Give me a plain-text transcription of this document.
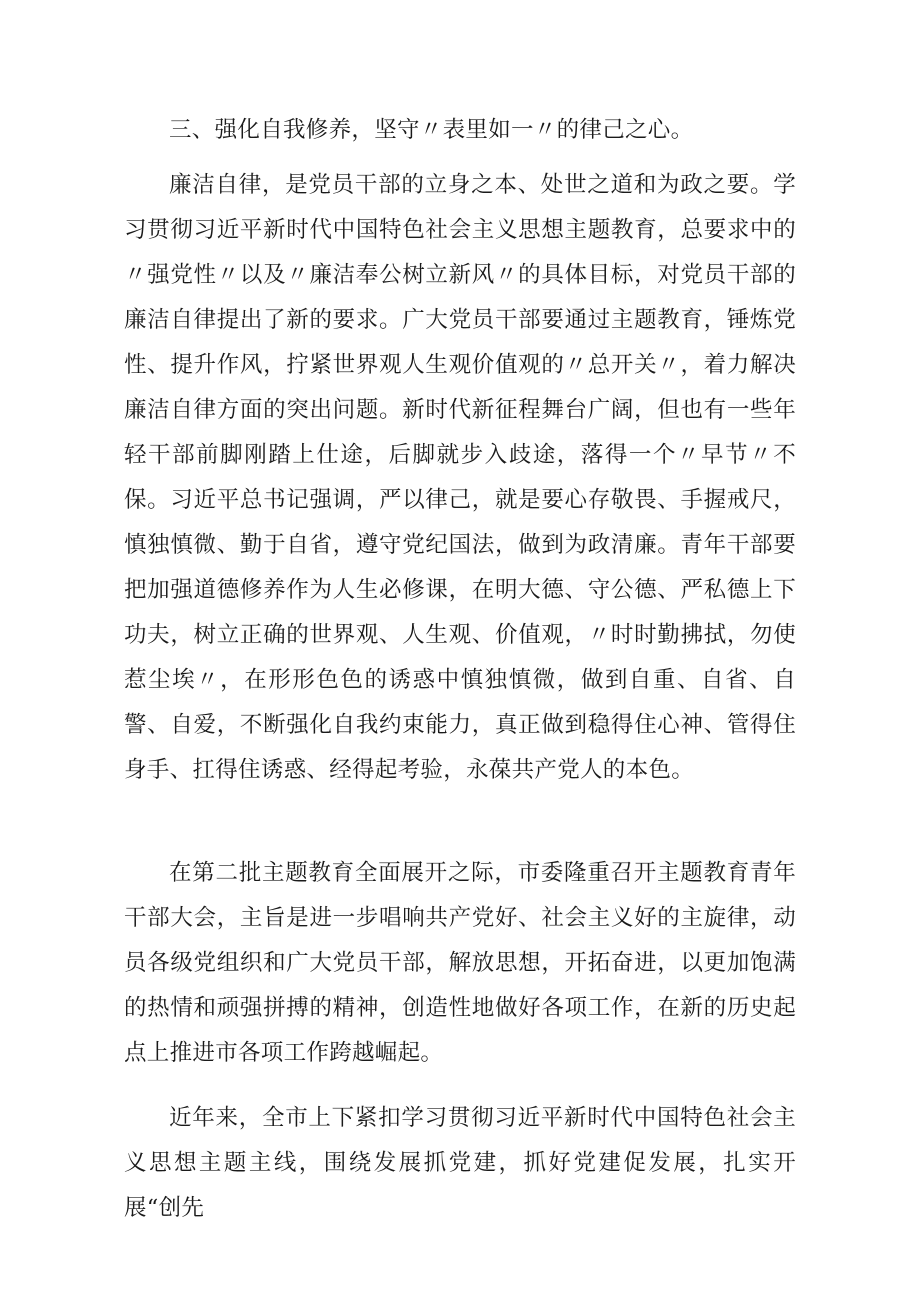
三、强化自我修养，坚守〃表里如一〃的律己之心。

廉洁自律，是党员干部的立身之本、处世之道和为政之要。学习贯彻习近平新时代中国特色社会主义思想主题教育，总要求中的〃强党性〃以及〃廉洁奉公树立新风〃的具体目标，对党员干部的廉洁自律提出了新的要求。广大党员干部要通过主题教育，锤炼党性、提升作风，拧紧世界观人生观价值观的〃总开关〃，着力解决廉洁自律方面的突出问题。新时代新征程舞台广阔，但也有一些年轻干部前脚刚踏上仕途，后脚就步入歧途，落得一个〃早节〃不保。习近平总书记强调，严以律己，就是要心存敬畏、手握戒尺，慎独慎微、勤于自省，遵守党纪国法，做到为政清廉。青年干部要把加强道德修养作为人生必修课，在明大德、守公德、严私德上下功夫，树立正确的世界观、人生观、价值观，〃时时勤拂拭，勿使惹尘埃〃，在形形色色的诱惑中慎独慎微，做到自重、自省、自警、自爱，不断强化自我约束能力，真正做到稳得住心神、管得住身手、扛得住诱惑、经得起考验，永葆共产党人的本色。

在第二批主题教育全面展开之际，市委隆重召开主题教育青年干部大会，主旨是进一步唱响共产党好、社会主义好的主旋律，动员各级党组织和广大党员干部，解放思想，开拓奋进，以更加饱满的热情和顽强拼搏的精神，创造性地做好各项工作，在新的历史起点上推进市各项工作跨越崛起。

近年来，全市上下紧扣学习贯彻习近平新时代中国特色社会主义思想主题主线，围绕发展抓党建，抓好党建促发展，扎实开展“创先
